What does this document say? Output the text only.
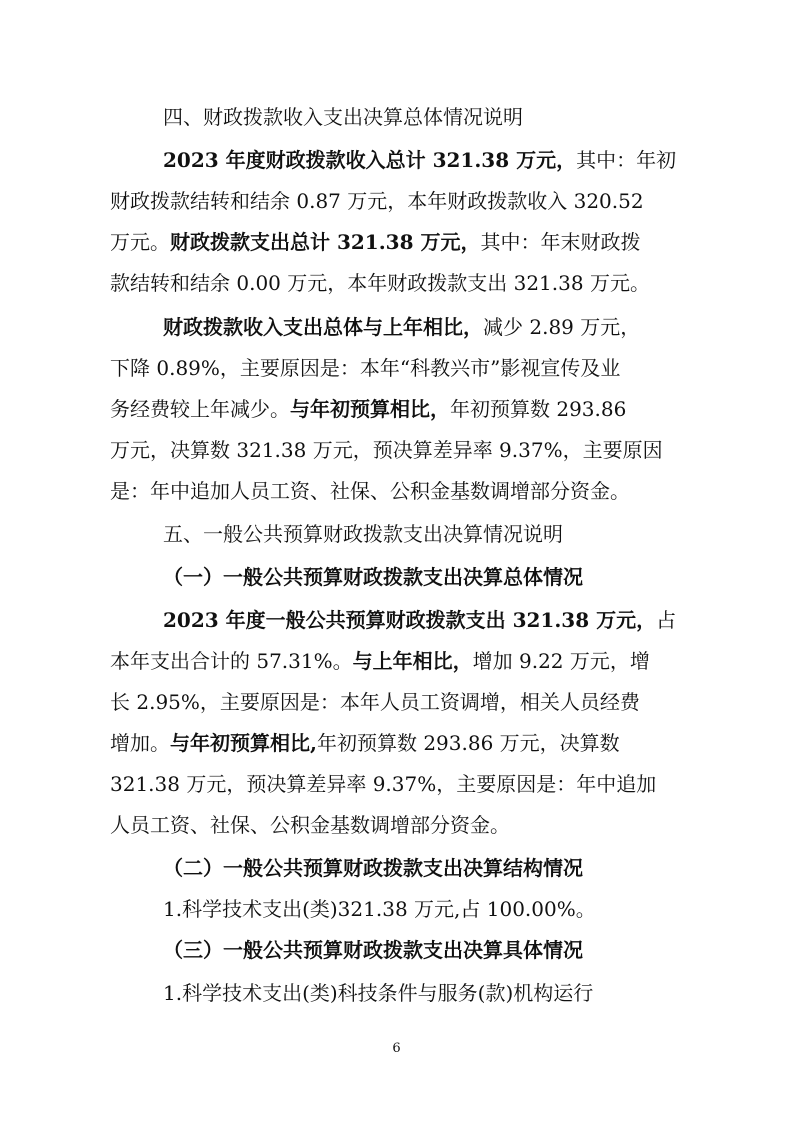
四、财政拨款收入支出决算总体情况说明
2023 年度财政拨款收入总计 321.38 万元，其中：年初
财政拨款结转和结余 0.87 万元，本年财政拨款收入 320.52
万元。财政拨款支出总计 321.38 万元，其中：年末财政拨
款结转和结余 0.00 万元，本年财政拨款支出 321.38 万元。
财政拨款收入支出总体与上年相比，减少 2.89 万元，
下降 0.89%，主要原因是：本年“科教兴市”影视宣传及业
务经费较上年减少。与年初预算相比，年初预算数 293.86
万元，决算数 321.38 万元，预决算差异率 9.37%，主要原因
是：年中追加人员工资、社保、公积金基数调增部分资金。
五、一般公共预算财政拨款支出决算情况说明
（一）一般公共预算财政拨款支出决算总体情况
2023 年度一般公共预算财政拨款支出 321.38 万元，占
本年支出合计的 57.31%。与上年相比，增加 9.22 万元，增
长 2.95%，主要原因是：本年人员工资调增，相关人员经费
增加。与年初预算相比,年初预算数 293.86 万元，决算数
321.38 万元，预决算差异率 9.37%，主要原因是：年中追加
人员工资、社保、公积金基数调增部分资金。
（二）一般公共预算财政拨款支出决算结构情况
1.科学技术支出(类)321.38 万元,占 100.00%。
（三）一般公共预算财政拨款支出决算具体情况
1.科学技术支出(类)科技条件与服务(款)机构运行
6
